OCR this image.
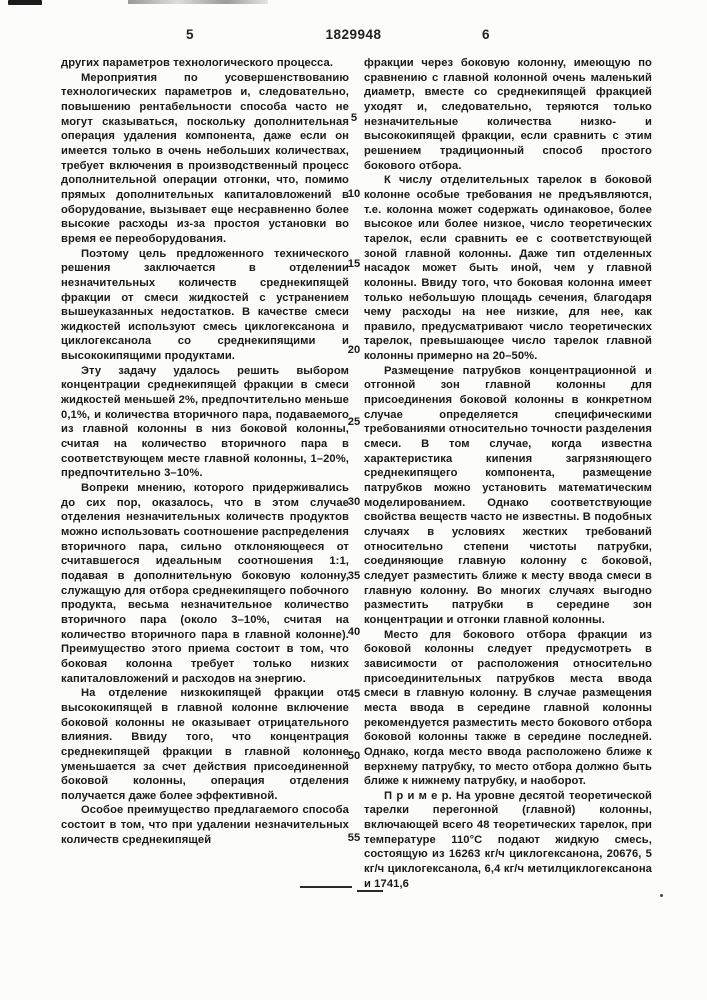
5	1829948	6

других параметров технологического процесса.

Мероприятия по усовершенствованию технологических параметров и, следовательно, повышению рентабельности способа часто не могут сказываться, поскольку дополнительная операция удаления компонента, даже если он имеется только в очень небольших количествах, требует включения в производственный процесс дополнительной операции отгонки, что, помимо прямых дополнительных капиталовложений в оборудование, вызывает еще несравненно более высокие расходы из-за простоя установки во время ее переоборудования.

Поэтому цель предложенного технического решения заключается в отделении незначительных количеств среднекипящей фракции от смеси жидкостей с устранением вышеуказанных недостатков. В качестве смеси жидкостей используют смесь циклогексанона и циклогексанола со среднекипящими и высококипящими продуктами.

Эту задачу удалось решить выбором концентрации среднекипящей фракции в смеси жидкостей меньшей 2%, предпочтительно меньше 0,1%, и количества вторичного пара, подаваемого из главной колонны в низ боковой колонны, считая на количество вторичного пара в соответствующем месте главной колонны, 1–20%, предпочтительно 3–10%.

Вопреки мнению, которого придерживались до сих пор, оказалось, что в этом случае отделения незначительных количеств продуктов можно использовать соотношение распределения вторичного пара, сильно отклоняющееся от считавшегося идеальным соотношения 1:1, подавая в дополнительную боковую колонну, служащую для отбора среднекипящего побочного продукта, весьма незначительное количество вторичного пара (около 3–10%, считая на количество вторичного пара в главной колонне). Преимущество этого приема состоит в том, что боковая колонна требует только низких капиталовложений и расходов на энергию.

На отделение низкокипящей фракции от высококипящей в главной колонне включение боковой колонны не оказывает отрицательного влияния. Ввиду того, что концентрация среднекипящей фракции в главной колонне уменьшается за счет действия присоединенной боковой колонны, операция отделения получается даже более эффективной.

Особое преимущество предлагаемого способа состоит в том, что при удалении незначительных количеств среднекипящей

фракции через боковую колонну, имеющую по сравнению с главной колонной очень маленький диаметр, вместе со среднекипящей фракцией уходят и, следовательно, теряются только незначительные количества низко- и высококипящей фракции, если сравнить с этим решением традиционный способ простого бокового отбора.

К числу отделительных тарелок в боковой колонне особые требования не предъявляются, т.е. колонна может содержать одинаковое, более высокое или более низкое, число теоретических тарелок, если сравнить ее с соответствующей зоной главной колонны. Даже тип отделенных насадок может быть иной, чем у главной колонны. Ввиду того, что боковая колонна имеет только небольшую площадь сечения, благодаря чему расходы на нее низкие, для нее, как правило, предусматривают число теоретических тарелок, превышающее число тарелок главной колонны примерно на 20–50%.

Размещение патрубков концентрационной и отгонной зон главной колонны для присоединения боковой колонны в конкретном случае определяется специфическими требованиями относительно точности разделения смеси. В том случае, когда известна характеристика кипения загрязняющего среднекипящего компонента, размещение патрубков можно установить математическим моделированием. Однако соответствующие свойства веществ часто не известны. В подобных случаях в условиях жестких требований относительно степени чистоты патрубки, соединяющие главную колонну с боковой, следует разместить ближе к месту ввода смеси в главную колонну. Во многих случаях выгодно разместить патрубки в середине зон концентрации и отгонки главной колонны.

Место для бокового отбора фракции из боковой колонны следует предусмотреть в зависимости от расположения относительно присоединительных патрубков места ввода смеси в главную колонну. В случае размещения места ввода в середине главной колонны рекомендуется разместить место бокового отбора боковой колонны также в середине последней. Однако, когда место ввода расположено ближе к верхнему патрубку, то место отбора должно быть ближе к нижнему патрубку, и наоборот.

П р и м е р. На уровне десятой теоретической тарелки перегонной (главной) колонны, включающей всего 48 теоретических тарелок, при температуре 110°С подают жидкую смесь, состоящую из 16263 кг/ч циклогексанона, 20676, 5 кг/ч циклогексанола, 6,4 кг/ч метилциклогексанона и 1741,6

5
10
15
20
25
30
35
40
45
50
55
